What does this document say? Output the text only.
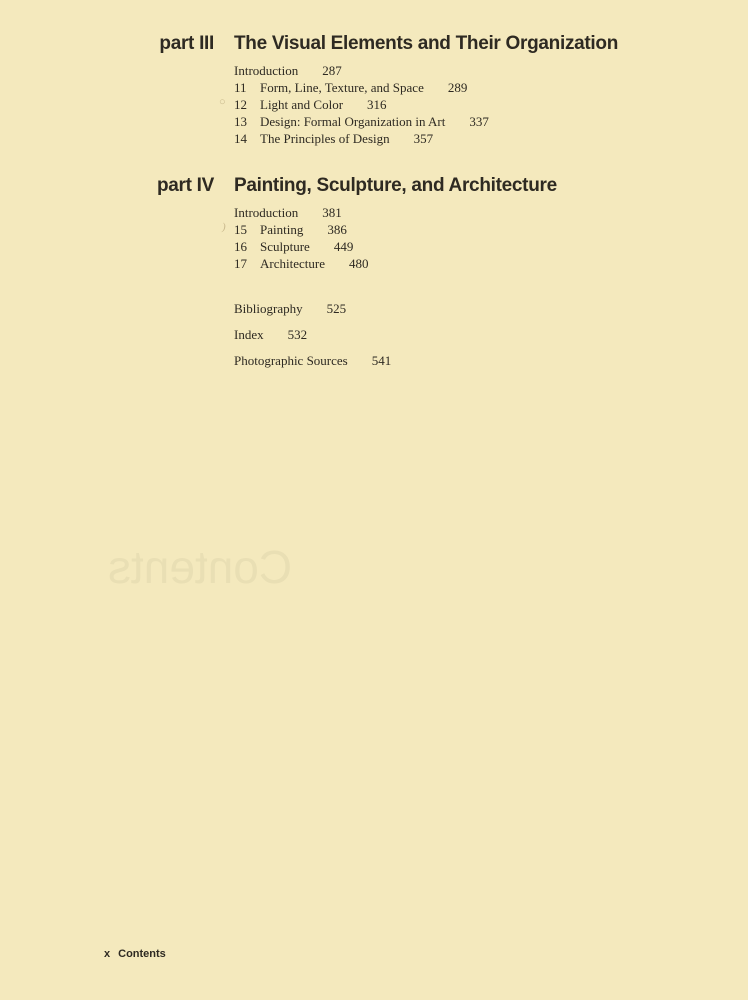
Contents
part III The Visual Elements and Their Organization
Introduction 287
11 Form, Line, Texture, and Space 289
○ 12 Light and Color 316
13 Design: Formal Organization in Art 337
14 The Principles of Design 357
part IV Painting, Sculpture, and Architecture
Introduction 381
) 15 Painting 386
16 Sculpture 449
17 Architecture 480
Bibliography 525
Index 532
Photographic Sources 541
x Contents
